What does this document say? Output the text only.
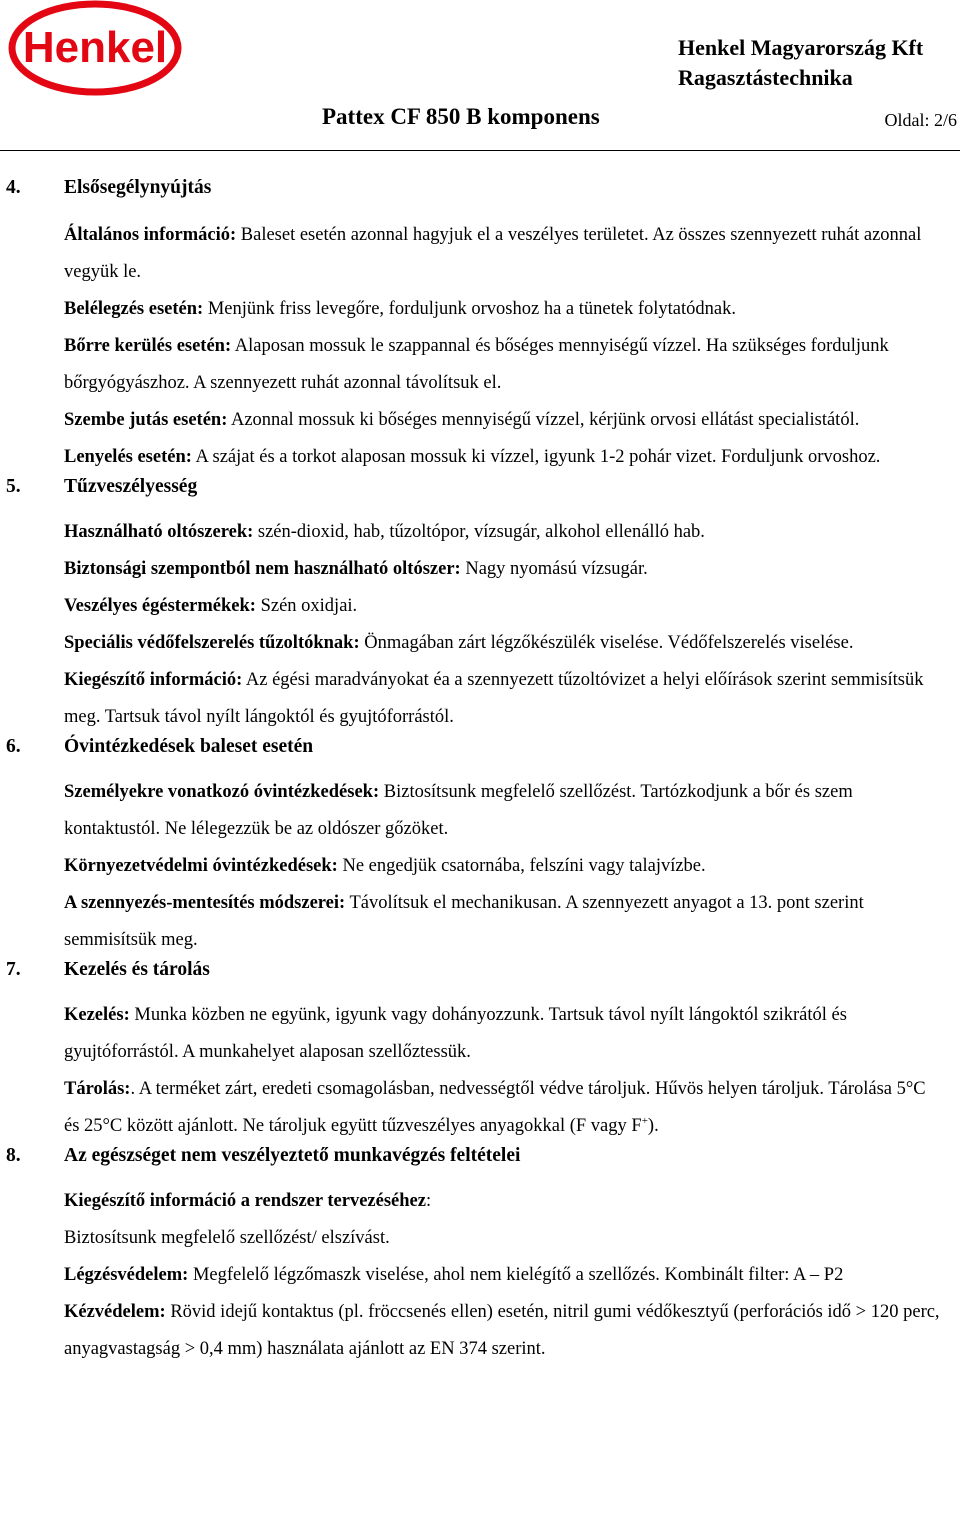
Henkel	Henkel Magyarország Kft
Ragasztástechnika
Pattex CF 850 B komponens	Oldal: 2/6
4.	Elsősegélynyújtás
Általános információ: Baleset esetén azonnal hagyjuk el a veszélyes területet. Az összes szennyezett ruhát azonnal vegyük le.
Belélegzés esetén: Menjünk friss levegőre, forduljunk orvoshoz ha a tünetek folytatódnak.
Bőrre kerülés esetén: Alaposan mossuk le szappannal és bőséges mennyiségű vízzel. Ha szükséges forduljunk bőrgyógyászhoz. A szennyezett ruhát azonnal távolítsuk el.
Szembe jutás esetén: Azonnal mossuk ki bőséges mennyiségű vízzel, kérjünk orvosi ellátást specialistától.
Lenyelés esetén: A szájat és a torkot alaposan mossuk ki vízzel, igyunk 1-2 pohár vizet. Forduljunk orvoshoz.
5.	Tűzveszélyesség
Használható oltószerek: szén-dioxid, hab, tűzoltópor, vízsugár, alkohol ellenálló hab.
Biztonsági szempontból nem használható oltószer: Nagy nyomású vízsugár.
Veszélyes égéstermékek: Szén oxidjai.
Speciális védőfelszerelés tűzoltóknak: Önmagában zárt légzőkészülék viselése. Védőfelszerelés viselése.
Kiegészítő információ: Az égési maradványokat éa a szennyezett tűzoltóvizet a helyi előírások szerint semmisítsük meg. Tartsuk távol nyílt lángoktól és gyujtóforrástól.
6.	Óvintézkedések baleset esetén
Személyekre vonatkozó óvintézkedések: Biztosítsunk megfelelő szellőzést. Tartózkodjunk a bőr és szem kontaktustól. Ne lélegezzük be az oldószer gőzöket.
Környezetvédelmi óvintézkedések: Ne engedjük csatornába, felszíni vagy talajvízbe.
A szennyezés-mentesítés módszerei: Távolítsuk el mechanikusan. A szennyezett anyagot a 13. pont szerint semmisítsük meg.
7.	Kezelés és tárolás
Kezelés: Munka közben ne együnk, igyunk vagy dohányozzunk. Tartsuk távol nyílt lángoktól szikrától és gyujtóforrástól. A munkahelyet alaposan szellőztessük.
Tárolás:. A terméket zárt, eredeti csomagolásban, nedvességtől védve tároljuk. Hűvös helyen tároljuk. Tárolása 5°C és 25°C között ajánlott. Ne tároljuk együtt tűzveszélyes anyagokkal (F vagy F+).
8.	Az egészséget nem veszélyeztető munkavégzés feltételei
Kiegészítő információ a rendszer tervezéséhez:
Biztosítsunk megfelelő szellőzést/ elszívást.
Légzésvédelem: Megfelelő légzőmaszk viselése, ahol nem kielégítő a szellőzés. Kombinált filter: A – P2
Kézvédelem: Rövid idejű kontaktus (pl. fröccsenés ellen) esetén, nitril gumi védőkesztyű (perforációs idő > 120 perc, anyagvastagság > 0,4 mm) használata ajánlott az EN 374 szerint.
